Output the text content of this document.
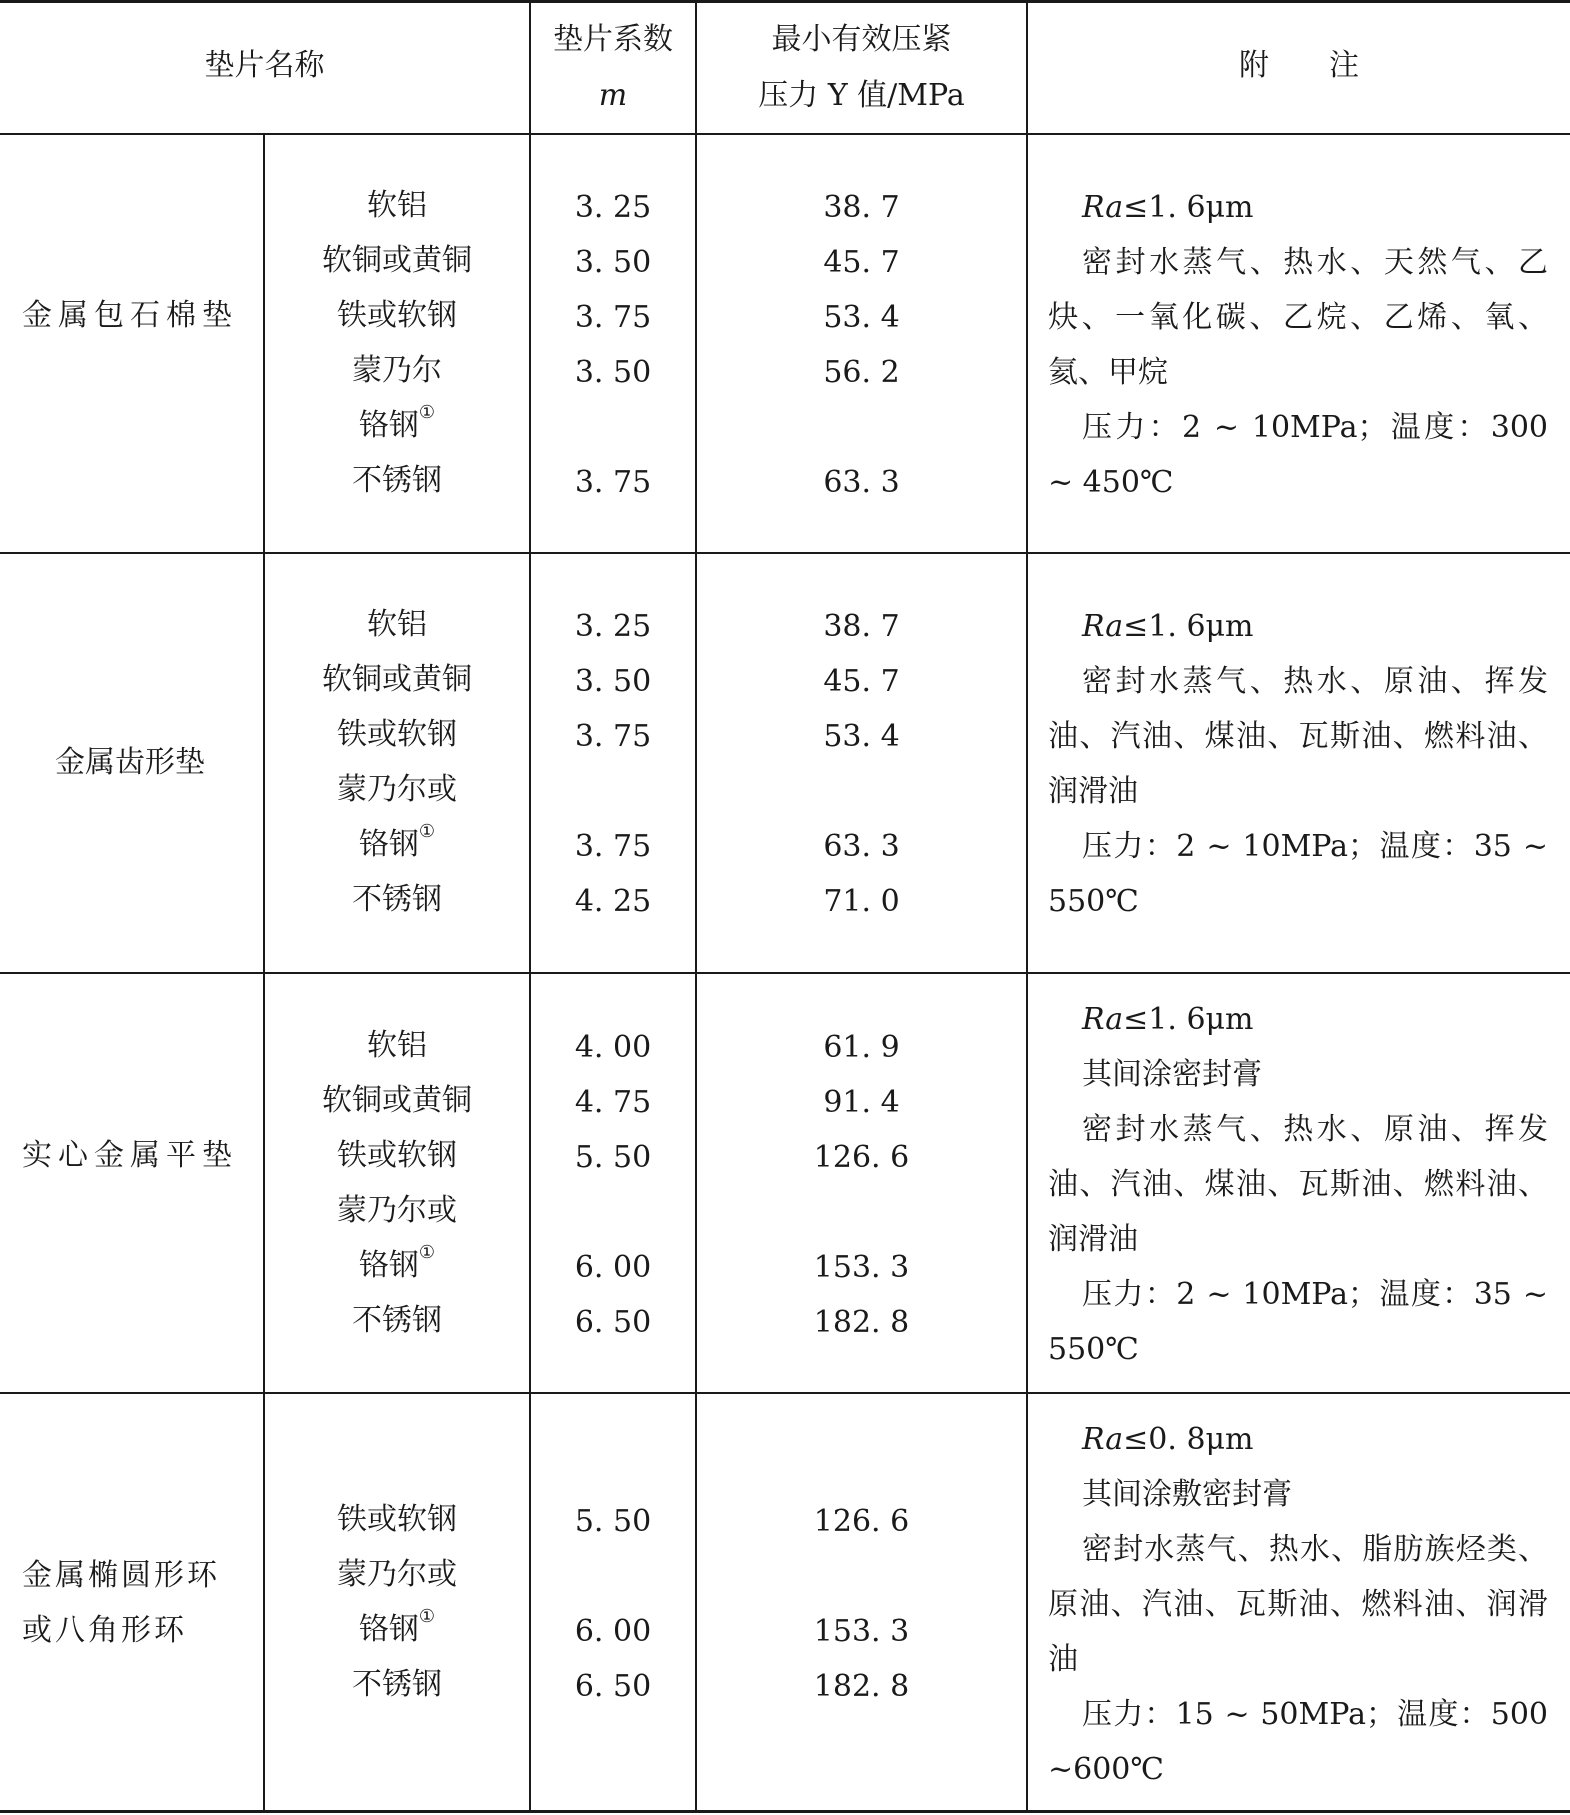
垫片名称
垫片系数
m
最小有效压紧
压力 Y 值/MPa
附　　注
金属包石棉垫
软铝
软铜或黄铜
铁或软钢
蒙乃尔
铬钢①
不锈钢
3. 25
3. 50
3. 75
3. 50
3. 75
38. 7
45. 7
53. 4
56. 2
63. 3
Ra≤1. 6μm
密封水蒸气、热水、天然气、乙炔、一氧化碳、乙烷、乙烯、氧、氦、甲烷
压力：2 ~ 10MPa；温度：300 ~ 450℃
金属齿形垫
软铝
软铜或黄铜
铁或软钢
蒙乃尔或
铬钢①
不锈钢
3. 25
3. 50
3. 75
3. 75
4. 25
38. 7
45. 7
53. 4
63. 3
71. 0
Ra≤1. 6μm
密封水蒸气、热水、原油、挥发油、汽油、煤油、瓦斯油、燃料油、润滑油
压力：2 ~ 10MPa；温度：35 ~ 550℃
实心金属平垫
软铝
软铜或黄铜
铁或软钢
蒙乃尔或
铬钢①
不锈钢
4. 00
4. 75
5. 50
6. 00
6. 50
61. 9
91. 4
126. 6
153. 3
182. 8
Ra≤1. 6μm
其间涂密封膏
密封水蒸气、热水、原油、挥发油、汽油、煤油、瓦斯油、燃料油、润滑油
压力：2 ~ 10MPa；温度：35 ~ 550℃
金属椭圆形环或八角形环
铁或软钢
蒙乃尔或
铬钢①
不锈钢
5. 50
6. 00
6. 50
126. 6
153. 3
182. 8
Ra≤0. 8μm
其间涂敷密封膏
密封水蒸气、热水、脂肪族烃类、原油、汽油、瓦斯油、燃料油、润滑油
压力：15 ~ 50MPa；温度：500 ~600℃
